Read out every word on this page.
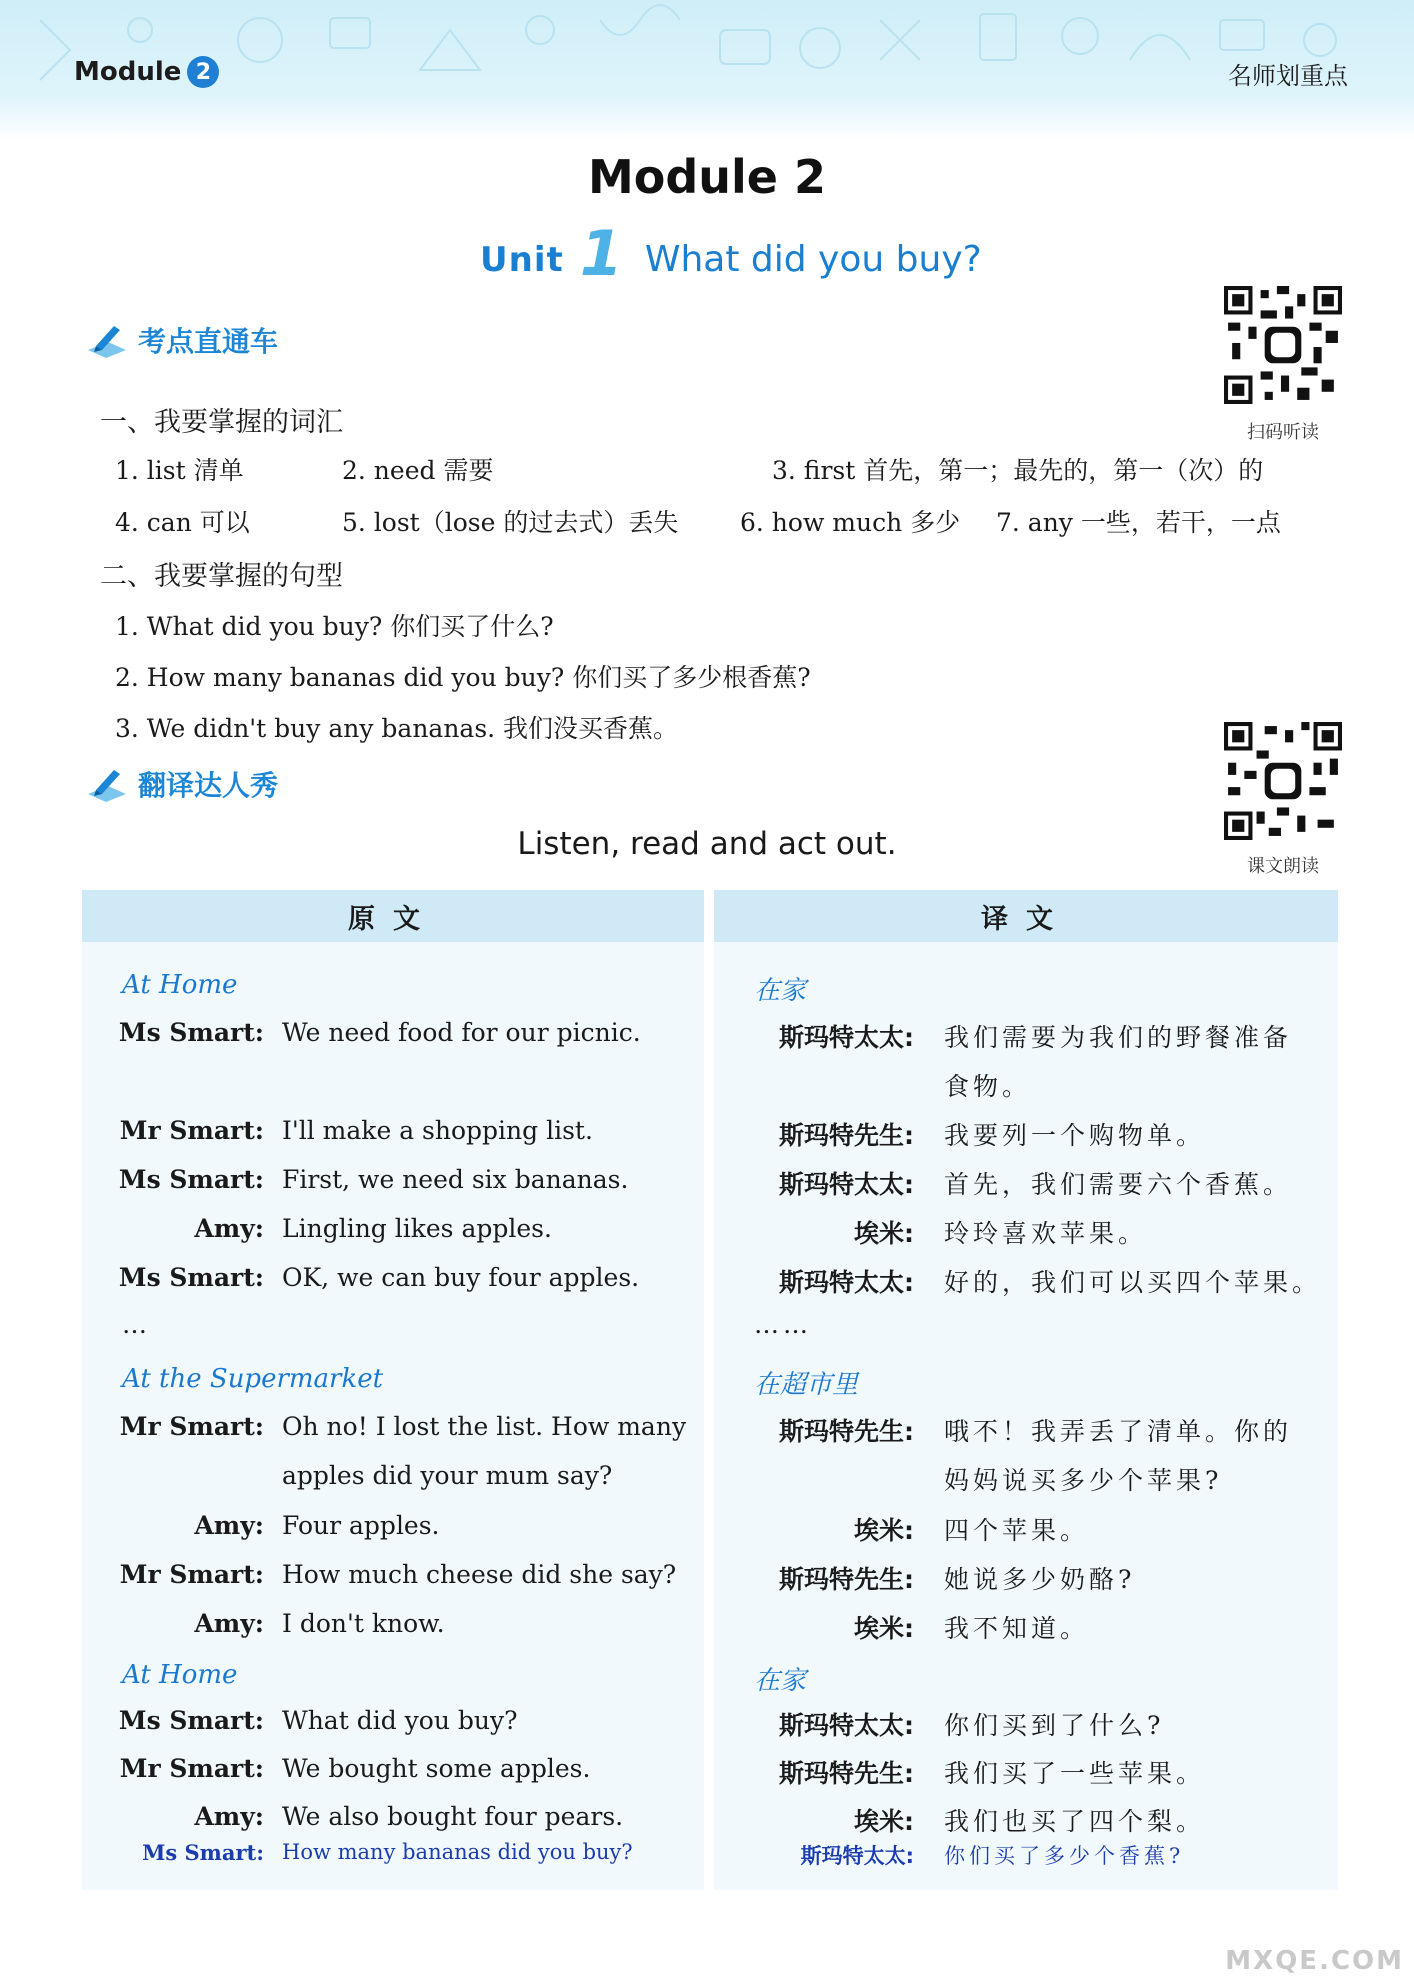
Module 2	名师划重点
Module 2
Unit 1 What did you buy?
扫码听读
课文朗读
考点直通车
一、我要掌握的词汇
1. list 清单	2. need 需要	3. first 首先，第一；最先的，第一（次）的
4. can 可以	5. lost（lose 的过去式）丢失 6. how much 多少 7. any 一些，若干，一点
二、我要掌握的句型
1. What did you buy? 你们买了什么?
2. How many bananas did you buy? 你们买了多少根香蕉?
3. We didn't buy any bananas. 我们没买香蕉。
翻译达人秀
Listen, read and act out.
原文	译文
At Home
Ms Smart: We need food for our picnic.
Mr Smart: I'll make a shopping list.
Ms Smart: First, we need six bananas.
Amy: Lingling likes apples.
Ms Smart: OK, we can buy four apples.
…
At the Supermarket
Mr Smart: Oh no! I lost the list. How many
apples did your mum say?
Amy: Four apples.
Mr Smart: How much cheese did she say?
Amy: I don't know.
At Home
Ms Smart: What did you buy?
Mr Smart: We bought some apples.
Amy: We also bought four pears.
Ms Smart: How many bananas did you buy?
在家
斯玛特太太: 我们需要为我们的野餐准备
食物。
斯玛特先生: 我要列一个购物单。
斯玛特太太: 首先，我们需要六个香蕉。
埃米: 玲玲喜欢苹果。
斯玛特太太: 好的，我们可以买四个苹果。
……
在超市里
斯玛特先生: 哦不！我弄丢了清单。你的
妈妈说买多少个苹果?
埃米: 四个苹果。
斯玛特先生: 她说多少奶酪?
埃米: 我不知道。
在家
斯玛特太太: 你们买到了什么?
斯玛特先生: 我们买了一些苹果。
埃米: 我们也买了四个梨。
斯玛特太太: 你们买了多少个香蕉?
MXQE.COM
